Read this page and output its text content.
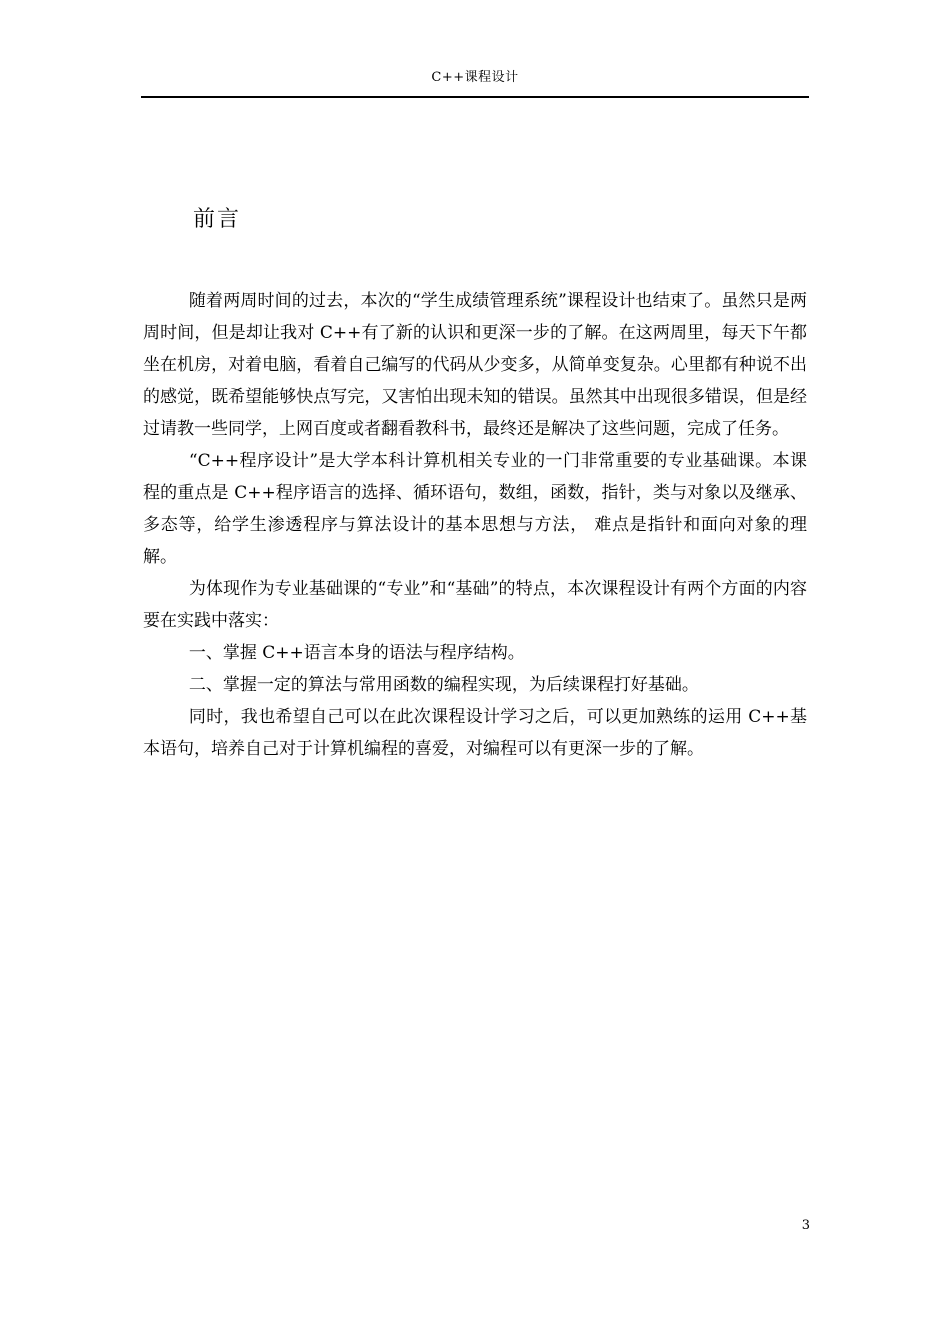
C++课程设计
前言

随着两周时间的过去，本次的“学生成绩管理系统”课程设计也结束了。虽然只是两周时间，但是却让我对 C++有了新的认识和更深一步的了解。在这两周里，每天下午都坐在机房，对着电脑，看着自己编写的代码从少变多，从简单变复杂。心里都有种说不出的感觉，既希望能够快点写完，又害怕出现未知的错误。虽然其中出现很多错误，但是经过请教一些同学，上网百度或者翻看教科书，最终还是解决了这些问题，完成了任务。

“C++程序设计”是大学本科计算机相关专业的一门非常重要的专业基础课。本课程的重点是 C++程序语言的选择、循环语句，数组，函数，指针，类与对象以及继承、多态等，给学生渗透程序与算法设计的基本思想与方法， 难点是指针和面向对象的理解。

为体现作为专业基础课的“专业”和“基础”的特点，本次课程设计有两个方面的内容要在实践中落实：

一、掌握 C++语言本身的语法与程序结构。

二、掌握一定的算法与常用函数的编程实现，为后续课程打好基础。

同时，我也希望自己可以在此次课程设计学习之后，可以更加熟练的运用 C++基本语句，培养自己对于计算机编程的喜爱，对编程可以有更深一步的了解。

3
